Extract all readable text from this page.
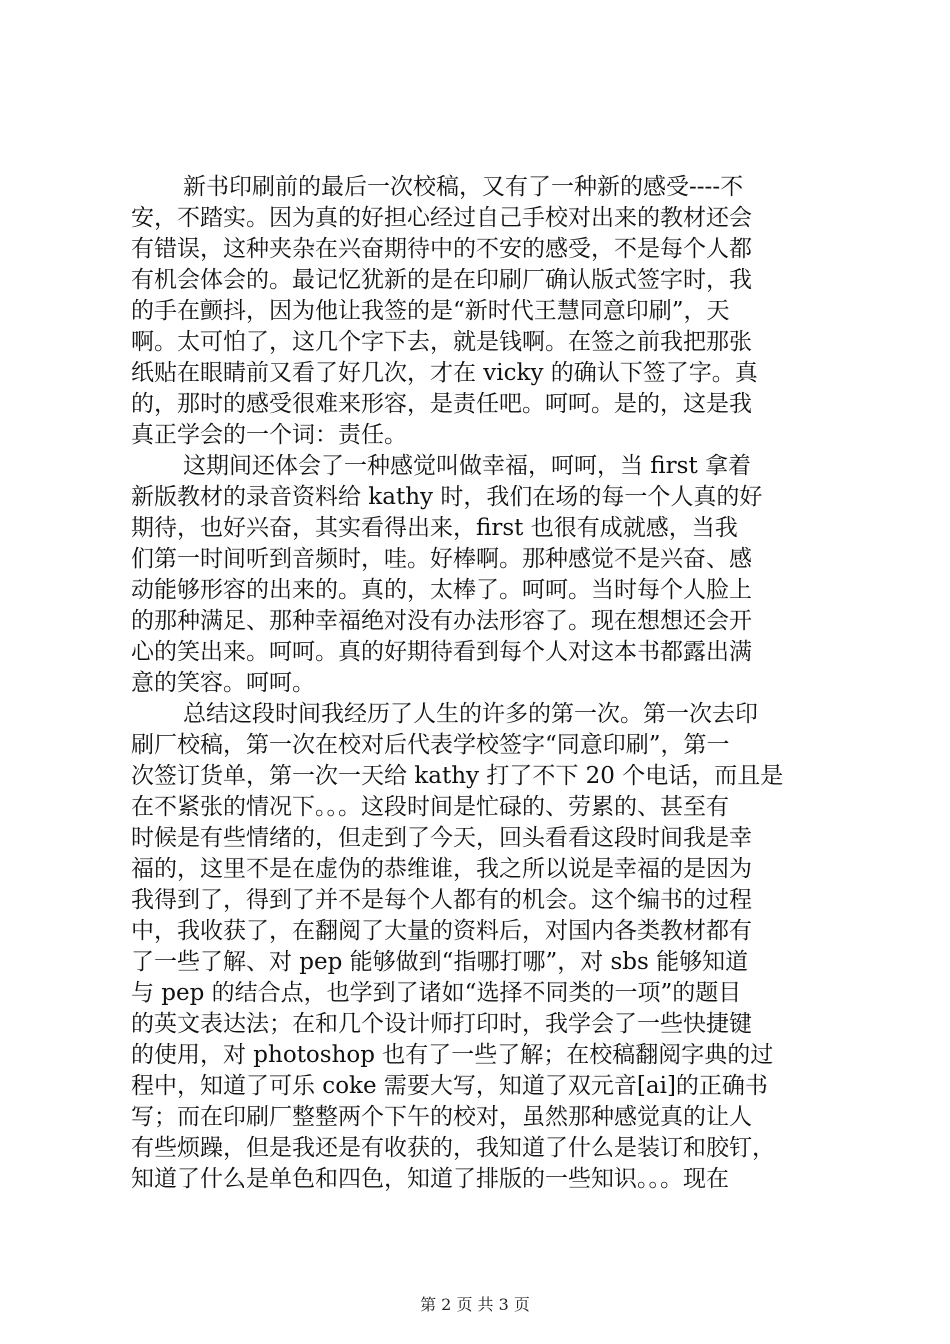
新书印刷前的最后一次校稿，又有了一种新的感受----不
安，不踏实。因为真的好担心经过自己手校对出来的教材还会
有错误，这种夹杂在兴奋期待中的不安的感受，不是每个人都
有机会体会的。最记忆犹新的是在印刷厂确认版式签字时，我
的手在颤抖，因为他让我签的是“新时代王慧同意印刷”，天
啊。太可怕了，这几个字下去，就是钱啊。在签之前我把那张
纸贴在眼睛前又看了好几次，才在 vicky 的确认下签了字。真
的，那时的感受很难来形容，是责任吧。呵呵。是的，这是我
真正学会的一个词：责任。
这期间还体会了一种感觉叫做幸福，呵呵，当 first 拿着
新版教材的录音资料给 kathy 时，我们在场的每一个人真的好
期待，也好兴奋，其实看得出来，first 也很有成就感，当我
们第一时间听到音频时，哇。好棒啊。那种感觉不是兴奋、感
动能够形容的出来的。真的，太棒了。呵呵。当时每个人脸上
的那种满足、那种幸福绝对没有办法形容了。现在想想还会开
心的笑出来。呵呵。真的好期待看到每个人对这本书都露出满
意的笑容。呵呵。
总结这段时间我经历了人生的许多的第一次。第一次去印
刷厂校稿，第一次在校对后代表学校签字“同意印刷”，第一
次签订货单，第一次一天给 kathy 打了不下 20 个电话，而且是
在不紧张的情况下。。。这段时间是忙碌的、劳累的、甚至有
时候是有些情绪的，但走到了今天，回头看看这段时间我是幸
福的，这里不是在虚伪的恭维谁，我之所以说是幸福的是因为
我得到了，得到了并不是每个人都有的机会。这个编书的过程
中，我收获了，在翻阅了大量的资料后，对国内各类教材都有
了一些了解、对 pep 能够做到“指哪打哪”，对 sbs 能够知道
与 pep 的结合点，也学到了诸如“选择不同类的一项”的题目
的英文表达法；在和几个设计师打印时，我学会了一些快捷键
的使用，对 photoshop 也有了一些了解；在校稿翻阅字典的过
程中，知道了可乐 coke 需要大写，知道了双元音[ai]的正确书
写；而在印刷厂整整两个下午的校对，虽然那种感觉真的让人
有些烦躁，但是我还是有收获的，我知道了什么是装订和胶钉，
知道了什么是单色和四色，知道了排版的一些知识。。。现在
第 2 页 共 3 页
